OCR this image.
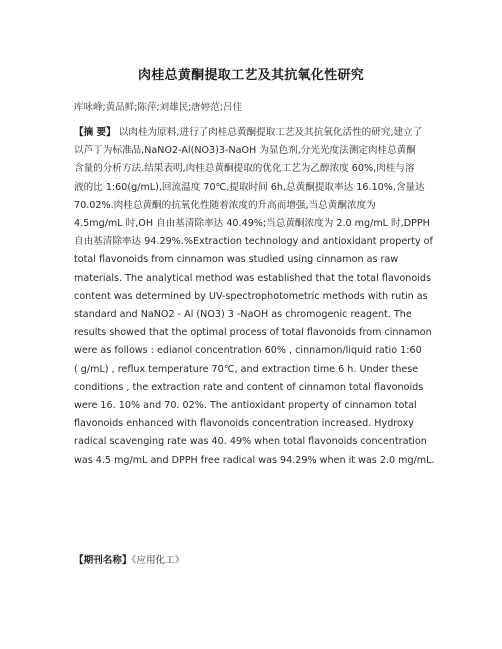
肉桂总黄酮提取工艺及其抗氧化性研究
库咏峰;黄品鲜;陈萍;刘雄民;唐婷范;吕佳
【摘 要】 以肉桂为原料,进行了肉桂总黄酮提取工艺及其抗氧化活性的研究,建立了
以芦丁为标准品,NaNO2-Al(NO3)3-NaOH 为显色剂,分光光度法测定肉桂总黄酮
含量的分析方法.结果表明,肉桂总黄酮提取的优化工艺为乙醇浓度 60%,肉桂与溶
液的比 1:60(g/mL),回流温度 70℃,提取时间 6h,总黄酮提取率达 16.10%,含量达
70.02%.肉桂总黄酮的抗氧化性随着浓度的升高而增强,当总黄酮浓度为
4.5mg/mL 时,OH 自由基清除率达 40.49%;当总黄酮浓度为 2.0 mg/mL 时,DPPH
自由基清除率达 94.29%.%Extraction technology and antioxidant property of
total flavonoids from cinnamon was studied using cinnamon as raw
materials. The analytical method was established that the total flavonoids
content was determined by UV-spectrophotometric methods with rutin as
standard and NaNO2 - Al (NO3) 3 -NaOH as chromogenic reagent. The
results showed that the optimal process of total flavonoids from cinnamon
were as follows : edianol concentration 60% , cinnamon/liquid ratio 1:60
( g/mL) , reflux temperature 70℃, and extraction time 6 h. Under these
conditions , the extraction rate and content of cinnamon total flavonoids
were 16. 10% and 70. 02%. The antioxidant property of cinnamon total
flavonoids enhanced with flavonoids concentration increased. Hydroxy
radical scavenging rate was 40. 49% when total flavonoids concentration
was 4.5 mg/mL and DPPH free radical was 94.29% when it was 2.0 mg/mL.
【期刊名称】《应用化工》
